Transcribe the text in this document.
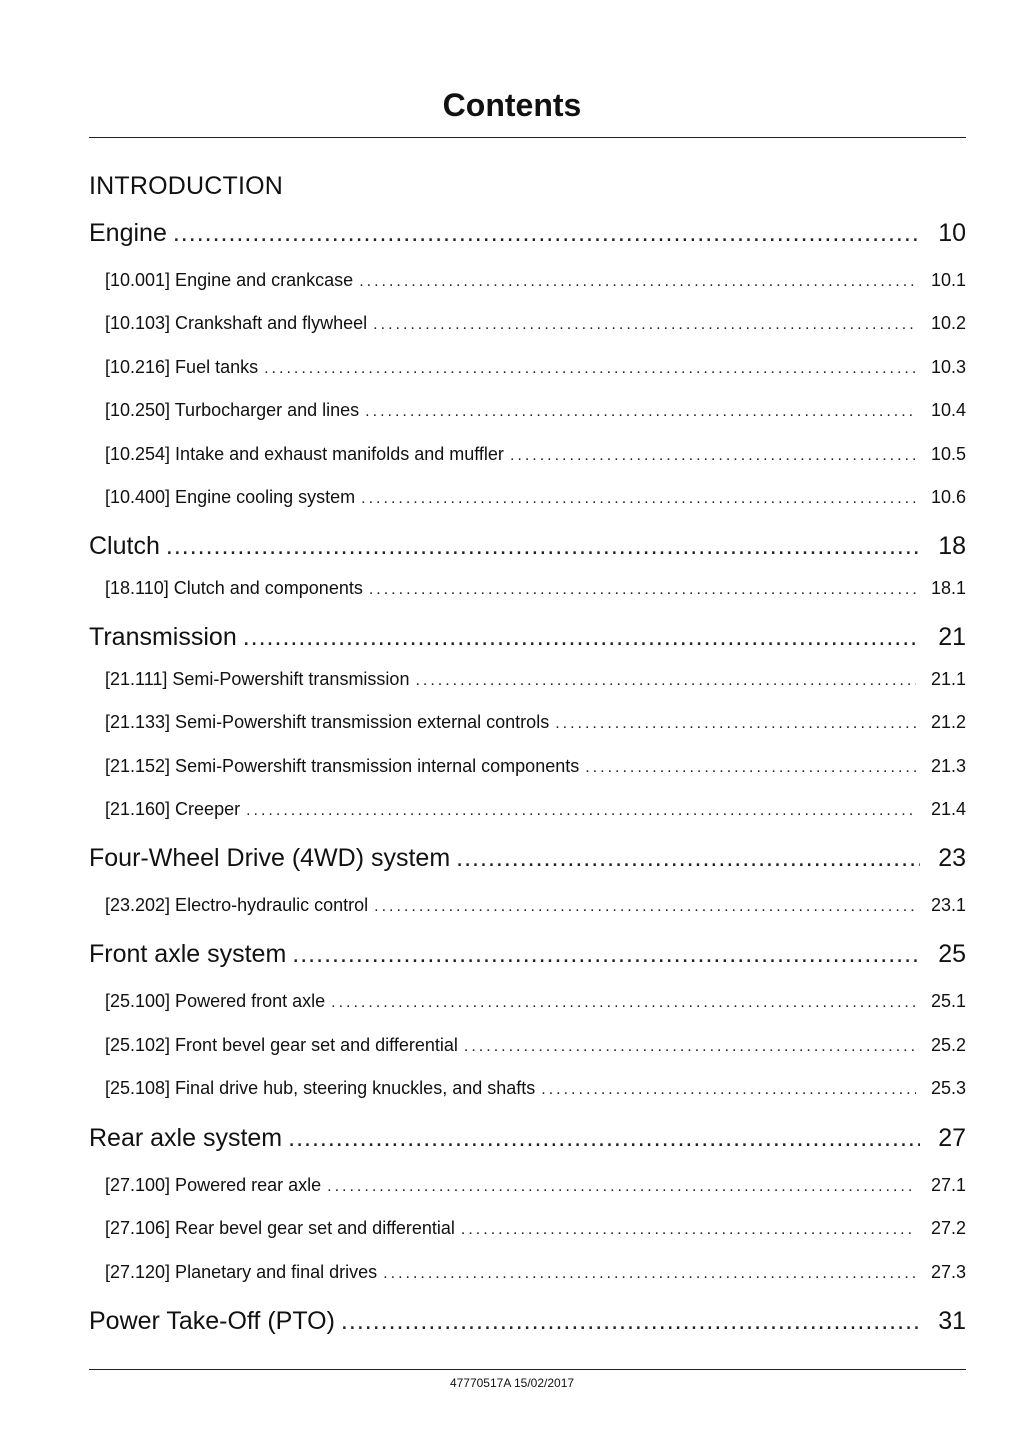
Contents
INTRODUCTION
Engine .....	10
[10.001] Engine and crankcase .....	10.1
[10.103] Crankshaft and flywheel .....	10.2
[10.216] Fuel tanks .....	10.3
[10.250] Turbocharger and lines .....	10.4
[10.254] Intake and exhaust manifolds and muffler .....	10.5
[10.400] Engine cooling system .....	10.6
Clutch .....	18
[18.110] Clutch and components .....	18.1
Transmission .....	21
[21.111] Semi-Powershift transmission .....	21.1
[21.133] Semi-Powershift transmission external controls .....	21.2
[21.152] Semi-Powershift transmission internal components .....	21.3
[21.160] Creeper .....	21.4
Four-Wheel Drive (4WD) system .....	23
[23.202] Electro-hydraulic control .....	23.1
Front axle system .....	25
[25.100] Powered front axle .....	25.1
[25.102] Front bevel gear set and differential .....	25.2
[25.108] Final drive hub, steering knuckles, and shafts .....	25.3
Rear axle system .....	27
[27.100] Powered rear axle .....	27.1
[27.106] Rear bevel gear set and differential .....	27.2
[27.120] Planetary and final drives .....	27.3
Power Take-Off (PTO) .....	31
47770517A 15/02/2017
